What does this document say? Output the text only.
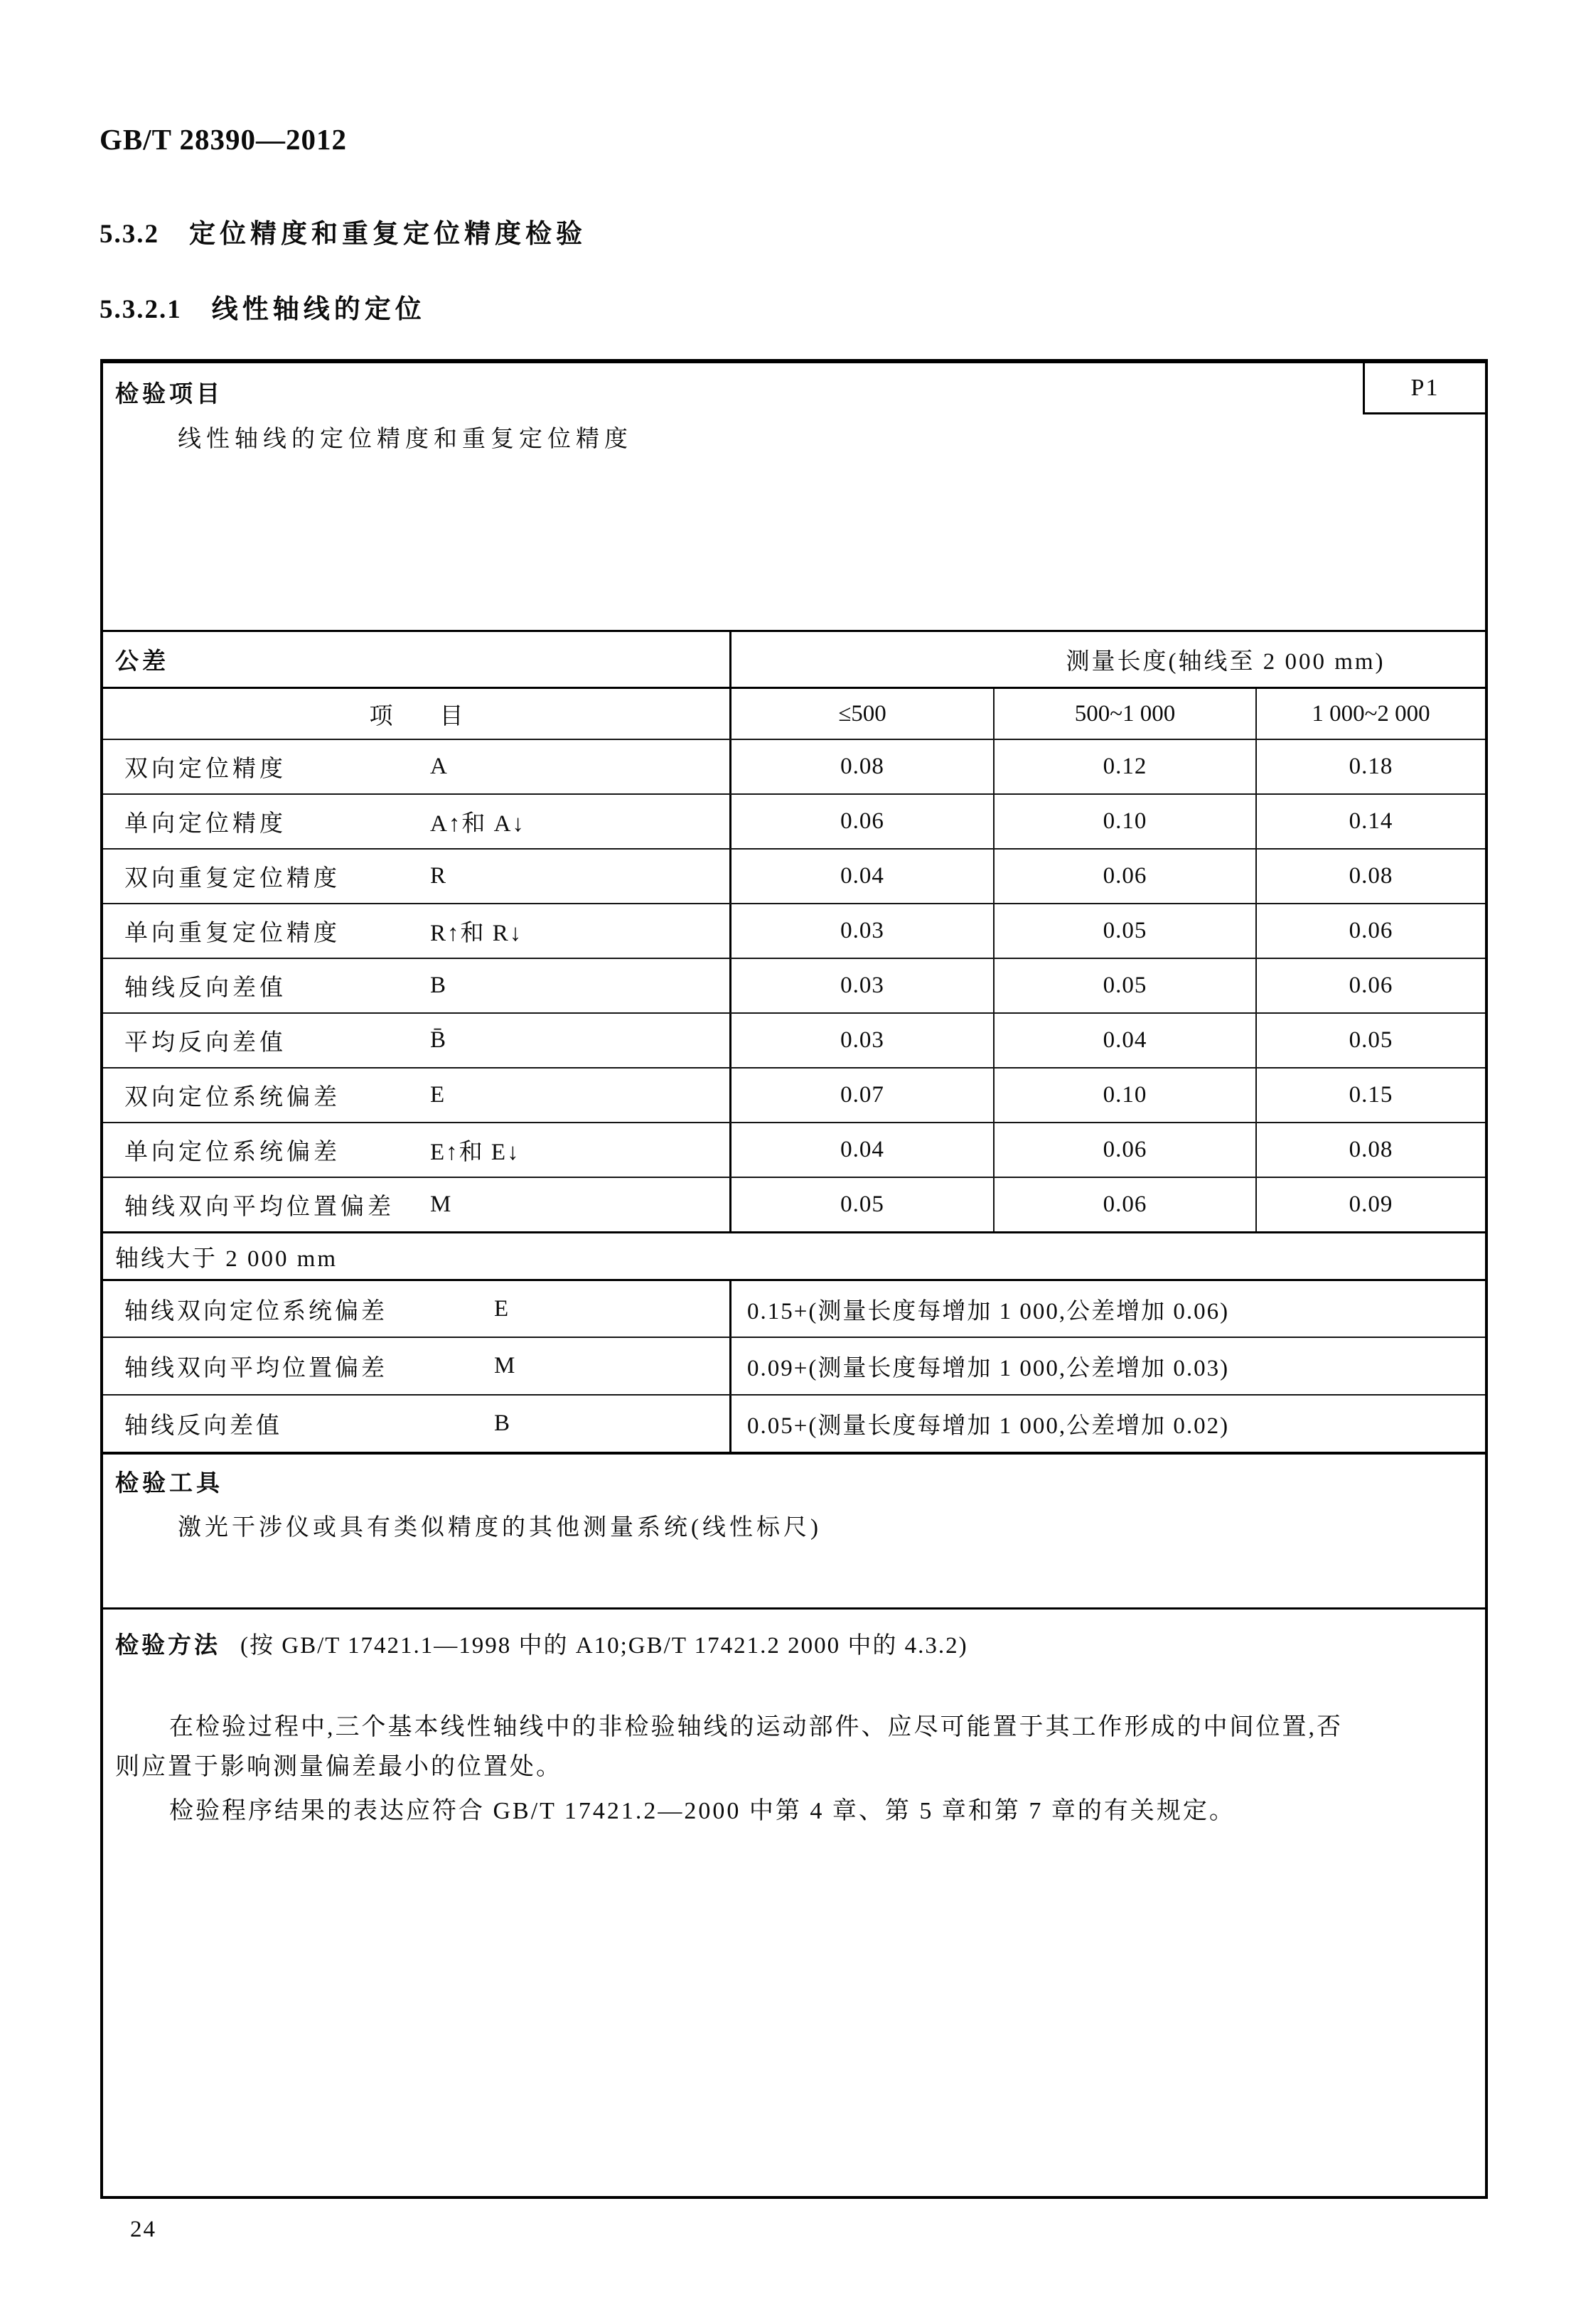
GB/T 28390—2012
5.3.2 定位精度和重复定位精度检验
5.3.2.1 线性轴线的定位
P1
检验项目
线性轴线的定位精度和重复定位精度
公差	测量长度(轴线至 2 000 mm)
项　　目	≤500	500~1 000	1 000~2 000
双向定位精度	A	0.08	0.12	0.18
单向定位精度	A↑和 A↓	0.06	0.10	0.14
双向重复定位精度	R	0.04	0.06	0.08
单向重复定位精度	R↑和 R↓	0.03	0.05	0.06
轴线反向差值	B	0.03	0.05	0.06
平均反向差值	B̄	0.03	0.04	0.05
双向定位系统偏差	E	0.07	0.10	0.15
单向定位系统偏差	E↑和 E↓	0.04	0.06	0.08
轴线双向平均位置偏差	M	0.05	0.06	0.09
轴线大于 2 000 mm
轴线双向定位系统偏差	E	0.15+(测量长度每增加 1 000,公差增加 0.06)
轴线双向平均位置偏差	M	0.09+(测量长度每增加 1 000,公差增加 0.03)
轴线反向差值	B	0.05+(测量长度每增加 1 000,公差增加 0.02)
检验工具
激光干涉仪或具有类似精度的其他测量系统(线性标尺)
检验方法 (按 GB/T 17421.1—1998 中的 A10;GB/T 17421.2 2000 中的 4.3.2)

在检验过程中,三个基本线性轴线中的非检验轴线的运动部件、应尽可能置于其工作形成的中间位置,否则应置于影响测量偏差最小的位置处。

检验程序结果的表达应符合 GB/T 17421.2—2000 中第 4 章、第 5 章和第 7 章的有关规定。

24
